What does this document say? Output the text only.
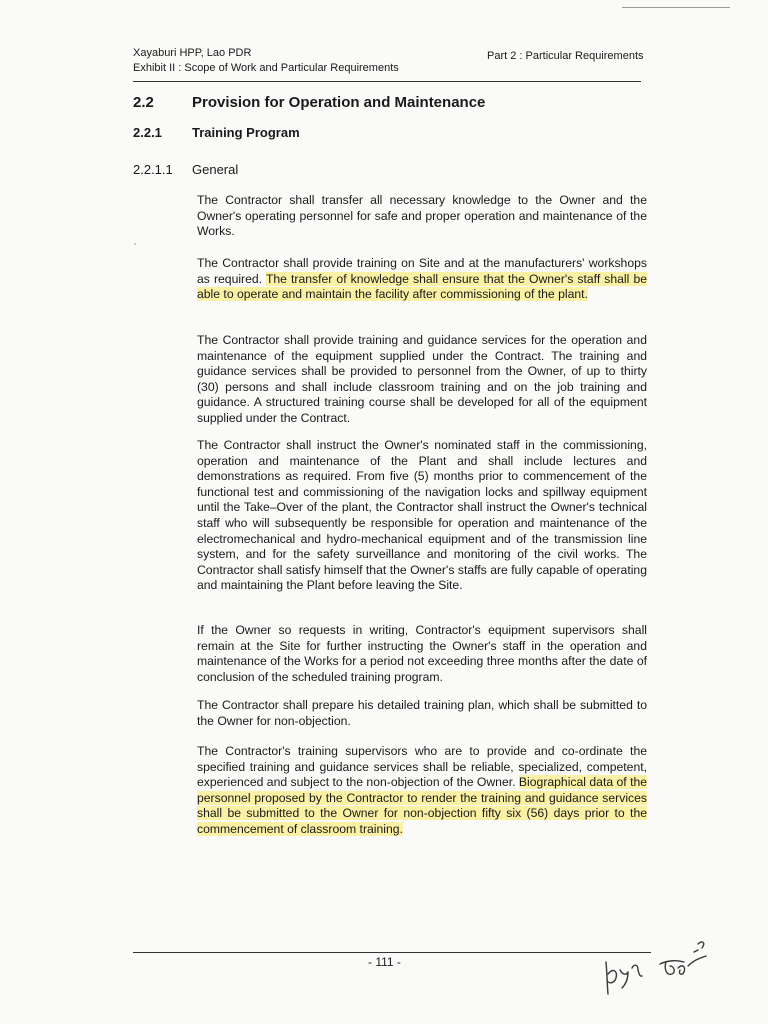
Xayaburi HPP, Lao PDR
Exhibit II : Scope of Work and Particular Requirements
Part 2 : Particular Requirements
2.2	Provision for Operation and Maintenance
2.2.1 Training Program
2.2.1.1 General

The Contractor shall transfer all necessary knowledge to the Owner and the Owner's operating personnel for safe and proper operation and maintenance of the Works.

The Contractor shall provide training on Site and at the manufacturers' workshops as required. The transfer of knowledge shall ensure that the Owner's staff shall be able to operate and maintain the facility after commissioning of the plant.

The Contractor shall provide training and guidance services for the operation and maintenance of the equipment supplied under the Contract. The training and guidance services shall be provided to personnel from the Owner, of up to thirty (30) persons and shall include classroom training and on the job training and guidance. A structured training course shall be developed for all of the equipment supplied under the Contract.

The Contractor shall instruct the Owner's nominated staff in the commissioning, operation and maintenance of the Plant and shall include lectures and demonstrations as required. From five (5) months prior to commencement of the functional test and commissioning of the navigation locks and spillway equipment until the Take–Over of the plant, the Contractor shall instruct the Owner's technical staff who will subsequently be responsible for operation and maintenance of the electromechanical and hydro-mechanical equipment and of the transmission line system, and for the safety surveillance and monitoring of the civil works. The Contractor shall satisfy himself that the Owner's staffs are fully capable of operating and maintaining the Plant before leaving the Site.

If the Owner so requests in writing, Contractor's equipment supervisors shall remain at the Site for further instructing the Owner's staff in the operation and maintenance of the Works for a period not exceeding three months after the date of conclusion of the scheduled training program.

The Contractor shall prepare his detailed training plan, which shall be submitted to the Owner for non-objection.

The Contractor's training supervisors who are to provide and co-ordinate the specified training and guidance services shall be reliable, specialized, competent, experienced and subject to the non-objection of the Owner. Biographical data of the personnel proposed by the Contractor to render the training and guidance services shall be submitted to the Owner for non-objection fifty six (56) days prior to the commencement of classroom training.

- 111 -
